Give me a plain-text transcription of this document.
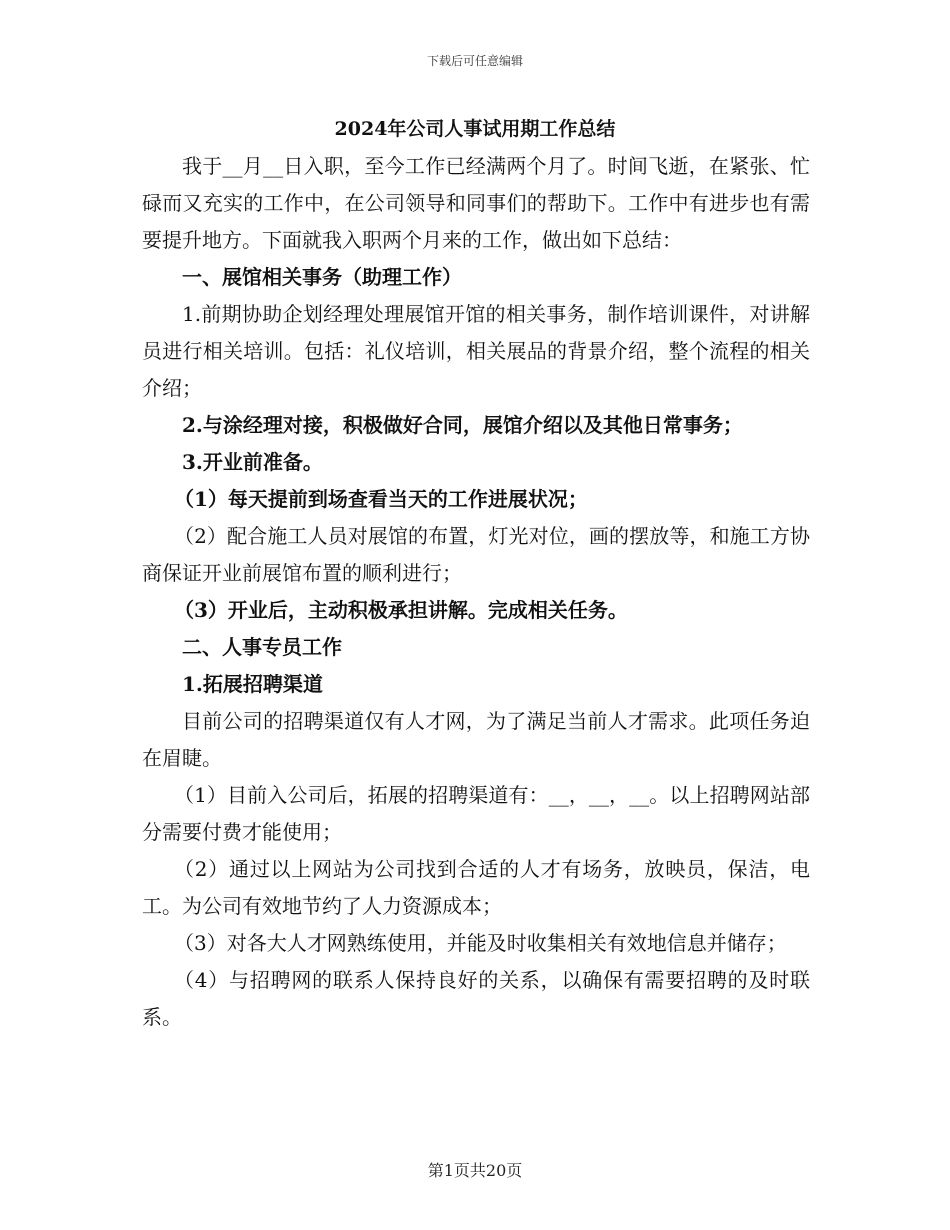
下载后可任意编辑
2024年公司人事试用期工作总结

我于__月__日入职，至今工作已经满两个月了。时间飞逝，在紧张、忙碌而又充实的工作中，在公司领导和同事们的帮助下。工作中有进步也有需要提升地方。下面就我入职两个月来的工作，做出如下总结：

一、展馆相关事务（助理工作）

1.前期协助企划经理处理展馆开馆的相关事务，制作培训课件，对讲解员进行相关培训。包括：礼仪培训，相关展品的背景介绍，整个流程的相关介绍；

2.与涂经理对接，积极做好合同，展馆介绍以及其他日常事务；

3.开业前准备。

（1）每天提前到场查看当天的工作进展状况；

（2）配合施工人员对展馆的布置，灯光对位，画的摆放等，和施工方协商保证开业前展馆布置的顺利进行；

（3）开业后，主动积极承担讲解。完成相关任务。

二、人事专员工作

1.拓展招聘渠道

目前公司的招聘渠道仅有人才网，为了满足当前人才需求。此项任务迫在眉睫。

（1）目前入公司后，拓展的招聘渠道有：__，__，__。以上招聘网站部分需要付费才能使用；

（2）通过以上网站为公司找到合适的人才有场务，放映员，保洁，电工。为公司有效地节约了人力资源成本；

（3）对各大人才网熟练使用，并能及时收集相关有效地信息并储存；

（4）与招聘网的联系人保持良好的关系，以确保有需要招聘的及时联系。

第1页共20页
